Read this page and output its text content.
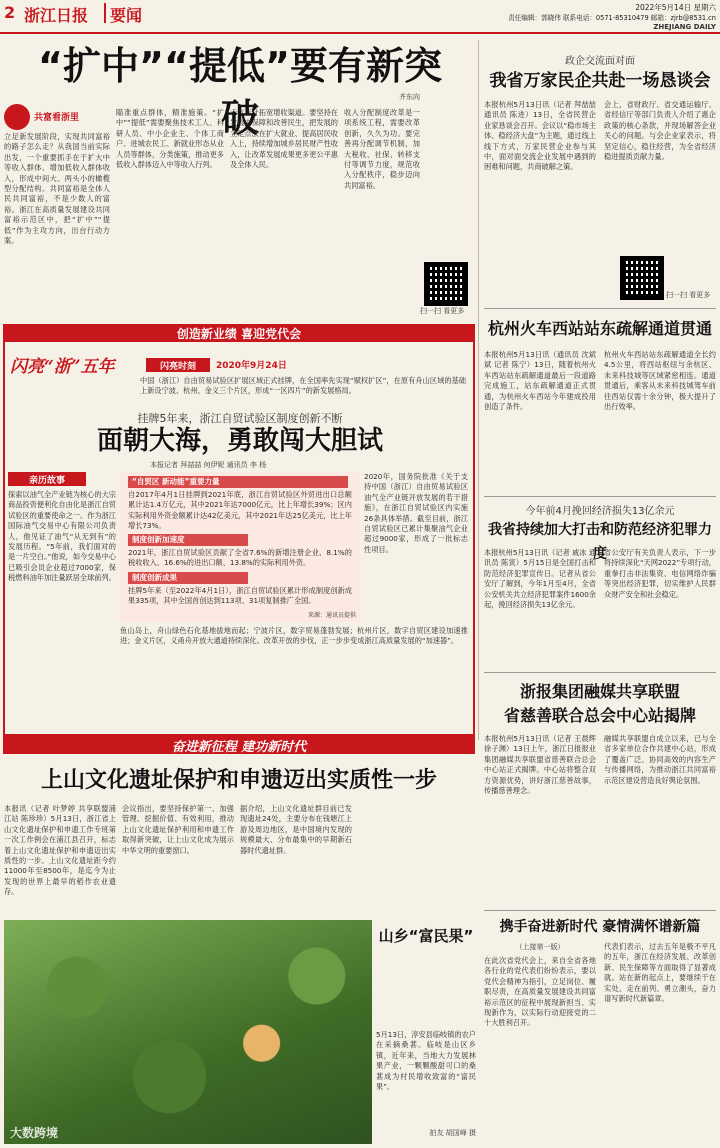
2 浙江日报	要闻	2022年5月14日 星期六
责任编辑：郭晓伟 联系电话：0571-85310479 邮箱：zjrb@8531.cn
ZHEJIANG DAILY
“扩中”“提低”要有新突破	齐东向
共富看浙里
立足新发展阶段，实现共同富裕的路子怎么走？从我国当前实际出发，一个重要抓手在于扩大中等收入群体、增加低收入群体收入，形成中间大、两头小的橄榄型分配结构。共同富裕是全体人民共同富裕，不是少数人的富裕。浙江在高质量发展建设共同富裕示范区中，把“扩中”“提低”作为主攻方向，出台行动方案。
瞄准重点群体，精准施策。“扩中”“提低”需要聚焦技术工人、科研人员、中小企业主、个体工商户、进城农民工、新就业形态从业人员等群体，分类施策，推动更多低收入群体迈入中等收入行列。
千方百计拓宽增收渠道。要坚持在发展中保障和改善民生，把发展的立足点放在扩大就业、提高居民收入上，持续增加城乡居民财产性收入，让改革发展成果更多更公平惠及全体人民。
收入分配制度改革是一项系统工程，需要改革创新，久久为功。要完善再分配调节机制，加大税收、社保、转移支付等调节力度，规范收入分配秩序，稳步迈向共同富裕。
扫一扫 看更多
创造新业绩 喜迎党代会
闪亮“浙”五年	闪亮时刻	2020年9月24日
中国（浙江）自由贸易试验区扩展区域正式挂牌，在全国率先实现“赋权扩区”，在原有舟山区域的基础上新设宁波、杭州、金义三个片区，形成“一区四片”的新发展格局。
挂牌5年来，浙江自贸试验区制度创新不断
面朝大海，勇敢闯大胆试
本报记者 拜喆喆 何伊妮 通讯员 李 杨
亲历故事
探索以油气全产业链为核心的大宗商品投资便利化自由化是浙江自贸试验区的重要使命之一。作为浙江国际油气交易中心有限公司负责人，他见证了油气“从无到有”的发展历程。“5年前，我们面对的是一片空白。”他说，如今交易中心已吸引会员企业超过7000家，保税燃料油年加注量跃居全球前列。
“自贸区 新动能”重要力量
自2017年4月1日挂牌到2021年底，浙江自贸试验区外贸进出口总额累计达1.4万亿元，其中2021年达7000亿元，比上年增长39%；区内实际利用外资金额累计达42亿美元，其中2021年达25亿美元，比上年增长73%。
制度创新加速度
2021年，浙江自贸试验区贡献了全省7.6%的新增注册企业、8.1%的税收收入、16.6%的进出口额、13.8%的实际利用外资。
制度创新成果
挂牌5年来（至2022年4月1日），浙江自贸试验区累计形成制度创新成果335项，其中全国首创达到113项、31项复制推广全国。
来源：通讯员提供
2020年，国务院批准《关于支持中国（浙江）自由贸易试验区油气全产业链开放发展的若干措施》，在浙江自贸试验区内实施26条具体举措。截至目前，浙江自贸试验区已累计集聚油气企业超过9000家，形成了一批标志性项目。
鱼山岛上，舟山绿色石化基地拔地而起；宁波片区，数字贸易蓬勃发展；杭州片区，数字自贸区建设加速推进；金义片区，义甬舟开放大通道持续深化。改革开放的步伐，正一步步变成浙江高质量发展的“加速器”。
奋进新征程 建功新时代
政企交流面对面
我省万家民企共赴一场恳谈会
本报杭州5月13日讯（记者 拜喆喆 通讯员 陈进）13日，全省民营企业家恳谈会召开。会议以“稳市场主体、稳经济大盘”为主题，通过线上线下方式，万家民营企业参与其中，面对面交流企业发展中遇到的困难和问题，共商破解之策。
会上，省财政厅、省交通运输厅、省经信厅等部门负责人介绍了惠企政策的核心条款，并现场解答企业关心的问题。与会企业家表示，将坚定信心，稳住经营，为全省经济稳进提质贡献力量。
扫一扫 看更多
杭州火车西站站东疏解通道贯通
本报杭州5月13日讯（通讯员 沈斌斌 记者 陈宁）13日，随着杭州火车西站站东疏解通道最后一段道路完成施工，站东疏解通道正式贯通，为杭州火车西站今年建成投用创造了条件。
杭州火车西站站东疏解通道全长约4.5公里，将西站枢纽与余杭区、未来科技城等区域紧密相连。通道贯通后，乘客从未来科技城驾车前往西站仅需十余分钟，极大提升了出行效率。
今年前4月挽回经济损失13亿余元
我省持续加大打击和防范经济犯罪力度
本报杭州5月13日讯（记者 戚冰 通讯员 陈寅）5月15日是全国打击和防范经济犯罪宣传日。记者从省公安厅了解到，今年1月至4月，全省公安机关共立经济犯罪案件1600余起，挽回经济损失13亿余元。
省公安厅有关负责人表示，下一步将持续深化“天网2022”专项行动，重拳打击非法集资、电信网络诈骗等突出经济犯罪，切实维护人民群众财产安全和社会稳定。
浙报集团融媒共享联盟
省慈善联合总会中心站揭牌
本报杭州5月13日讯（记者 王晨辉 徐子渊）13日上午，浙江日报报业集团融媒共享联盟省慈善联合总会中心站正式揭牌。中心站将整合双方资源优势，讲好浙江慈善故事，传播慈善理念。
融媒共享联盟自成立以来，已与全省多家单位合作共建中心站，形成了覆盖广泛、协同高效的内容生产与传播网络，为推动浙江共同富裕示范区建设营造良好舆论氛围。
携手奋进新时代 豪情满怀谱新篇
（上接第一版）
在此次省党代会上，来自全省各地各行业的党代表们纷纷表示，要以党代会精神为指引，立足岗位、履职尽责，在高质量发展建设共同富裕示范区的征程中展现新担当、实现新作为，以实际行动迎接党的二十大胜利召开。
代表们表示，过去五年是极不平凡的五年，浙江在经济发展、改革创新、民生保障等方面取得了显著成就。站在新的起点上，要继续干在实处、走在前列、勇立潮头，奋力谱写新时代新篇章。
上山文化遗址保护和申遗迈出实质性一步
本报讯（记者 叶梦婷 共享联盟浦江站 陈珍珍）5月13日，浙江省上山文化遗址保护和申遗工作专班第一次工作例会在浦江县召开，标志着上山文化遗址保护和申遗迈出实质性的一步。上山文化遗址距今约11000年至8500年，是迄今为止发现的世界上最早的稻作农业遗存。
会议指出，要坚持保护第一、加强管理、挖掘价值、有效利用，推动上山文化遗址保护利用和申遗工作取得新突破，让上山文化成为展示中华文明的重要窗口。
据介绍，上山文化遗址群目前已发现遗址24处，主要分布在钱塘江上游及周边地区，是中国境内发现的规模最大、分布最集中的早期新石器时代遗址群。
大数跨境
山乡“富民果”
5月13日，淳安县临岐镇的农户在采摘桑葚。临岐是山区乡镇，近年来，当地大力发展林果产业，一颗颗酸甜可口的桑葚成为村民增收致富的“富民果”。
拍友 胡国峰 摄
